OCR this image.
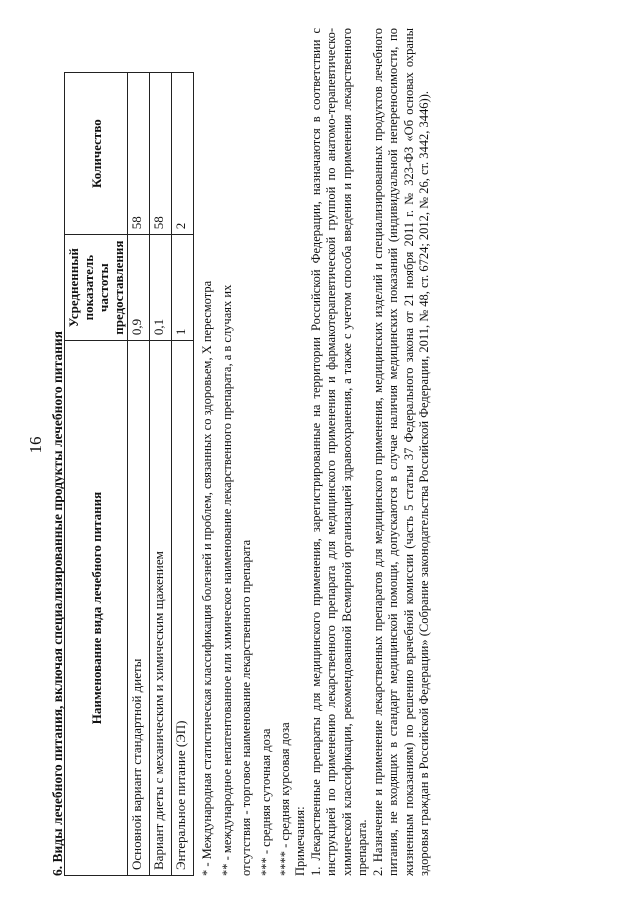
16 6. Виды лечебного питания, включая специализированные продукты лечебного питания Наименование вида лечебного питания	Усредненный показатель частоты предоставления	Количество
Основной вариант стандартной диеты	0,9	58
Вариант диеты с механическим и химическим щажением	0,1	58
Энтеральное питание (ЭП)	1	2
* - Международная статистическая классификация болезней и проблем, связанных со здоровьем, X пересмотра ** - международное непатентованное или химическое наименование лекарственного препарата, а в случаях их отсутствия - торговое наименование лекарственного препарата *** - средняя суточная доза **** - средняя курсовая доза Примечания: 1. Лекарственные препараты для медицинского применения, зарегистрированные на территории Российской Федерации, назначаются в соответствии с инструкцией по применению лекарственного препарата для медицинского применения и фармакотерапевтической группой по анатомо-терапевтическо-химической классификации, рекомендованной Всемирной организацией здравоохранения, а также с учетом способа введения и применения лекарственного препарата. 2. Назначение и применение лекарственных препаратов для медицинского применения, медицинских изделий и специализированных продуктов лечебного питания, не входящих в стандарт медицинской помощи, допускаются в случае наличия медицинских показаний (индивидуальной непереносимости, по жизненным показаниям) по решению врачебной комиссии (часть 5 статьи 37 Федерального закона от 21 ноября 2011 г. № 323-ФЗ «Об основах охраны здоровья граждан в Российской Федерации» (Собрание законодательства Российской Федерации, 2011, № 48, ст. 6724; 2012, № 26, ст. 3442, 3446)).
